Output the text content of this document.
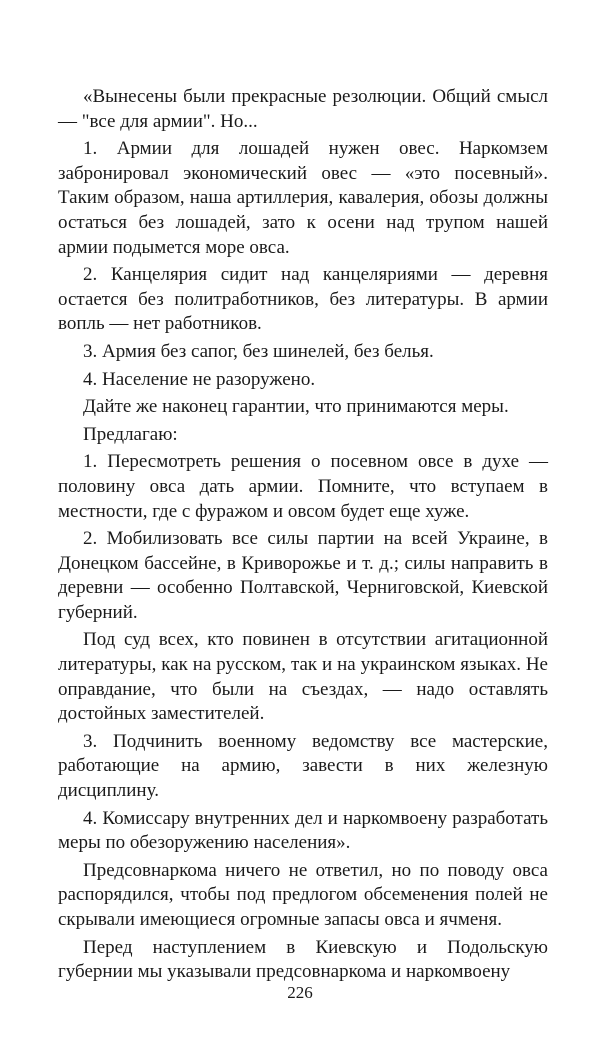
«Вынесены были прекрасные резолюции. Общий смысл — "все для армии". Но...

1. Армии для лошадей нужен овес. Наркомзем забронировал экономический овес — «это посевный». Таким образом, наша артиллерия, кавалерия, обозы должны остаться без лошадей, зато к осени над трупом нашей армии подымется море овса.

2. Канцелярия сидит над канцеляриями — деревня остается без политработников, без литературы. В армии вопль — нет работников.

3. Армия без сапог, без шинелей, без белья.

4. Население не разоружено.

Дайте же наконец гарантии, что принимаются меры.

Предлагаю:

1. Пересмотреть решения о посевном овсе в духе — половину овса дать армии. Помните, что вступаем в местности, где с фуражом и овсом будет еще хуже.

2. Мобилизовать все силы партии на всей Украине, в Донецком бассейне, в Криворожье и т. д.; силы направить в деревни — особенно Полтавской, Черниговской, Киевской губерний.

Под суд всех, кто повинен в отсутствии агитационной литературы, как на русском, так и на украинском языках. Не оправдание, что были на съездах, — надо оставлять достойных заместителей.

3. Подчинить военному ведомству все мастерские, работающие на армию, завести в них железную дисциплину.

4. Комиссару внутренних дел и наркомвоену разработать меры по обезоружению населения».

Предсовнаркома ничего не ответил, но по поводу овса распорядился, чтобы под предлогом обсеменения полей не скрывали имеющиеся огромные запасы овса и ячменя.

Перед наступлением в Киевскую и Подольскую губернии мы указывали предсовнаркома и наркомвоену

226
